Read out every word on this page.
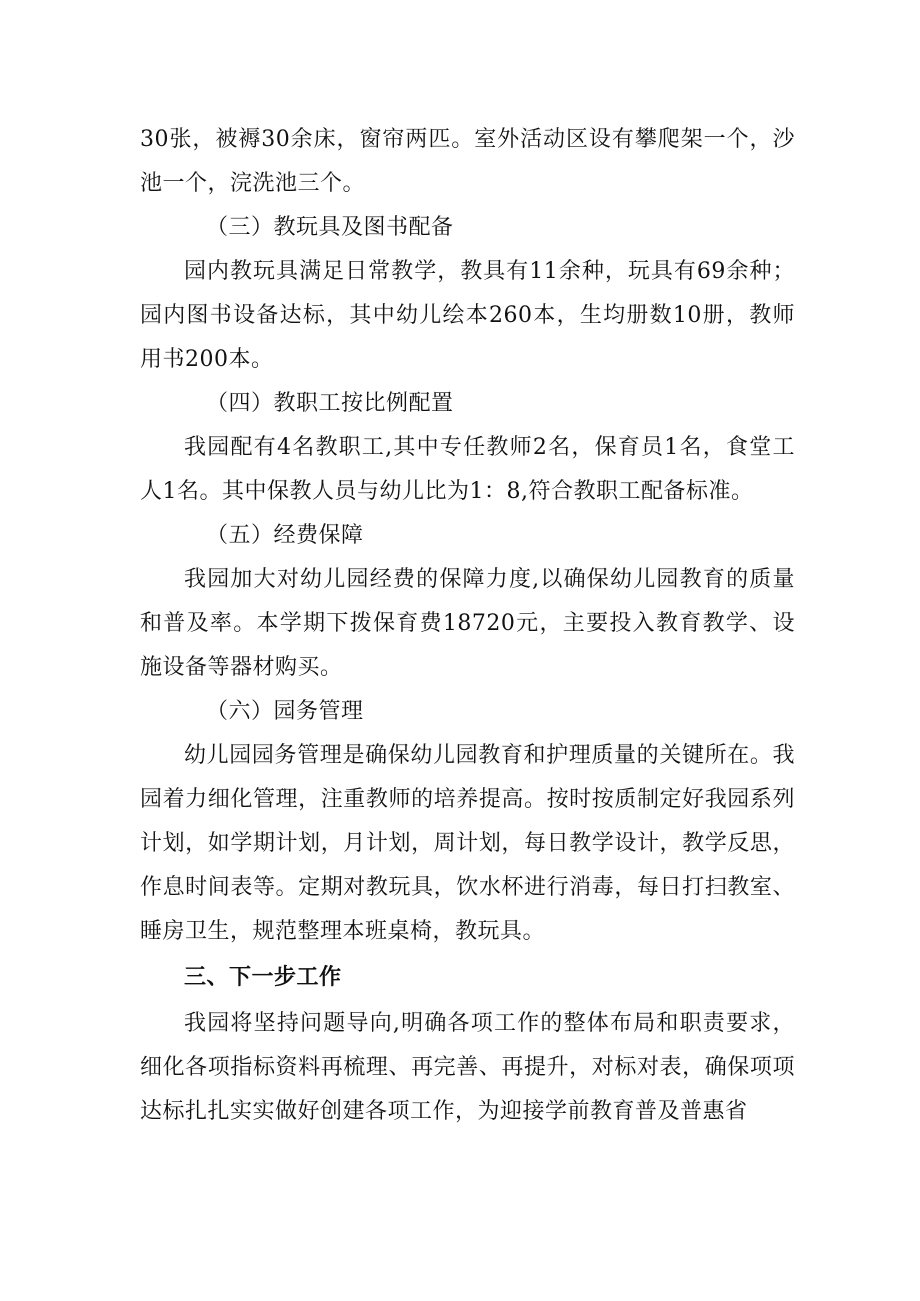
30张，被褥30余床，窗帘两匹。室外活动区设有攀爬架一个，沙池一个，浣洗池三个。

（三）教玩具及图书配备

园内教玩具满足日常教学，教具有11余种，玩具有69余种；园内图书设备达标，其中幼儿绘本260本，生均册数10册，教师用书200本。

（四）教职工按比例配置

我园配有4名教职工,其中专任教师2名，保育员1名，食堂工人1名。其中保教人员与幼儿比为1：8,符合教职工配备标准。

（五）经费保障

我园加大对幼儿园经费的保障力度,以确保幼儿园教育的质量和普及率。本学期下拨保育费18720元，主要投入教育教学、设施设备等器材购买。

（六）园务管理

幼儿园园务管理是确保幼儿园教育和护理质量的关键所在。我园着力细化管理，注重教师的培养提高。按时按质制定好我园系列计划，如学期计划，月计划，周计划，每日教学设计，教学反思，作息时间表等。定期对教玩具，饮水杯进行消毒，每日打扫教室、睡房卫生，规范整理本班桌椅，教玩具。

三、下一步工作

我园将坚持问题导向,明确各项工作的整体布局和职责要求，细化各项指标资料再梳理、再完善、再提升，对标对表，确保项项达标扎扎实实做好创建各项工作，为迎接学前教育普及普惠省
